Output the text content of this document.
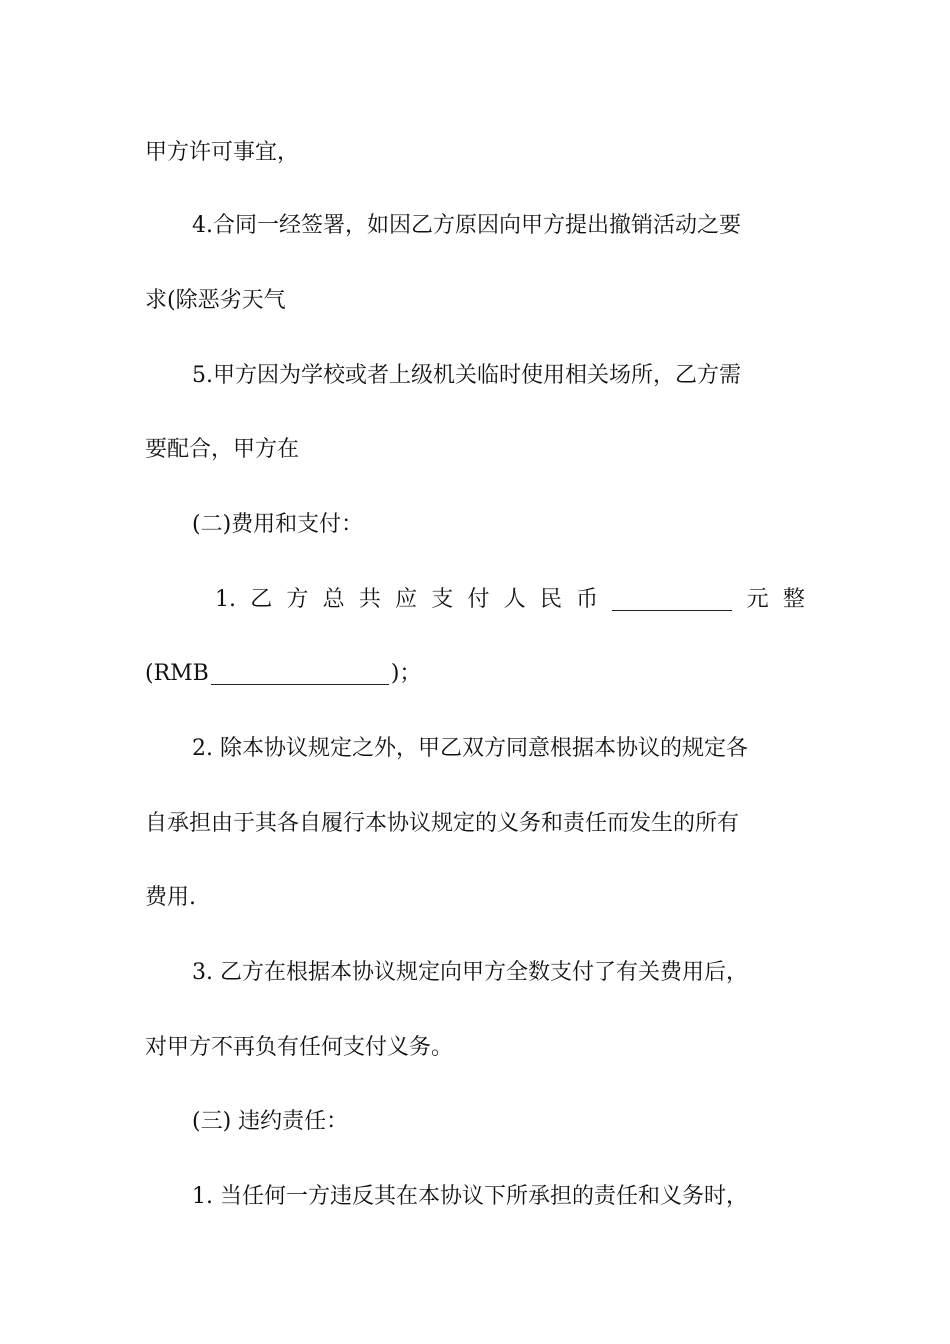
甲方许可事宜，
4.合同一经签署，如因乙方原因向甲方提出撤销活动之要
求(除恶劣天气
5.甲方因为学校或者上级机关临时使用相关场所，乙方需
要配合，甲方在
(二)费用和支付：
1. 乙 方 总 共 应 支 付 人 民 币	元 整
(RMB	)；
2. 除本协议规定之外，甲乙双方同意根据本协议的规定各
自承担由于其各自履行本协议规定的义务和责任而发生的所有
费用.
3. 乙方在根据本协议规定向甲方全数支付了有关费用后，
对甲方不再负有任何支付义务。
(三) 违约责任：
1. 当任何一方违反其在本协议下所承担的责任和义务时，
